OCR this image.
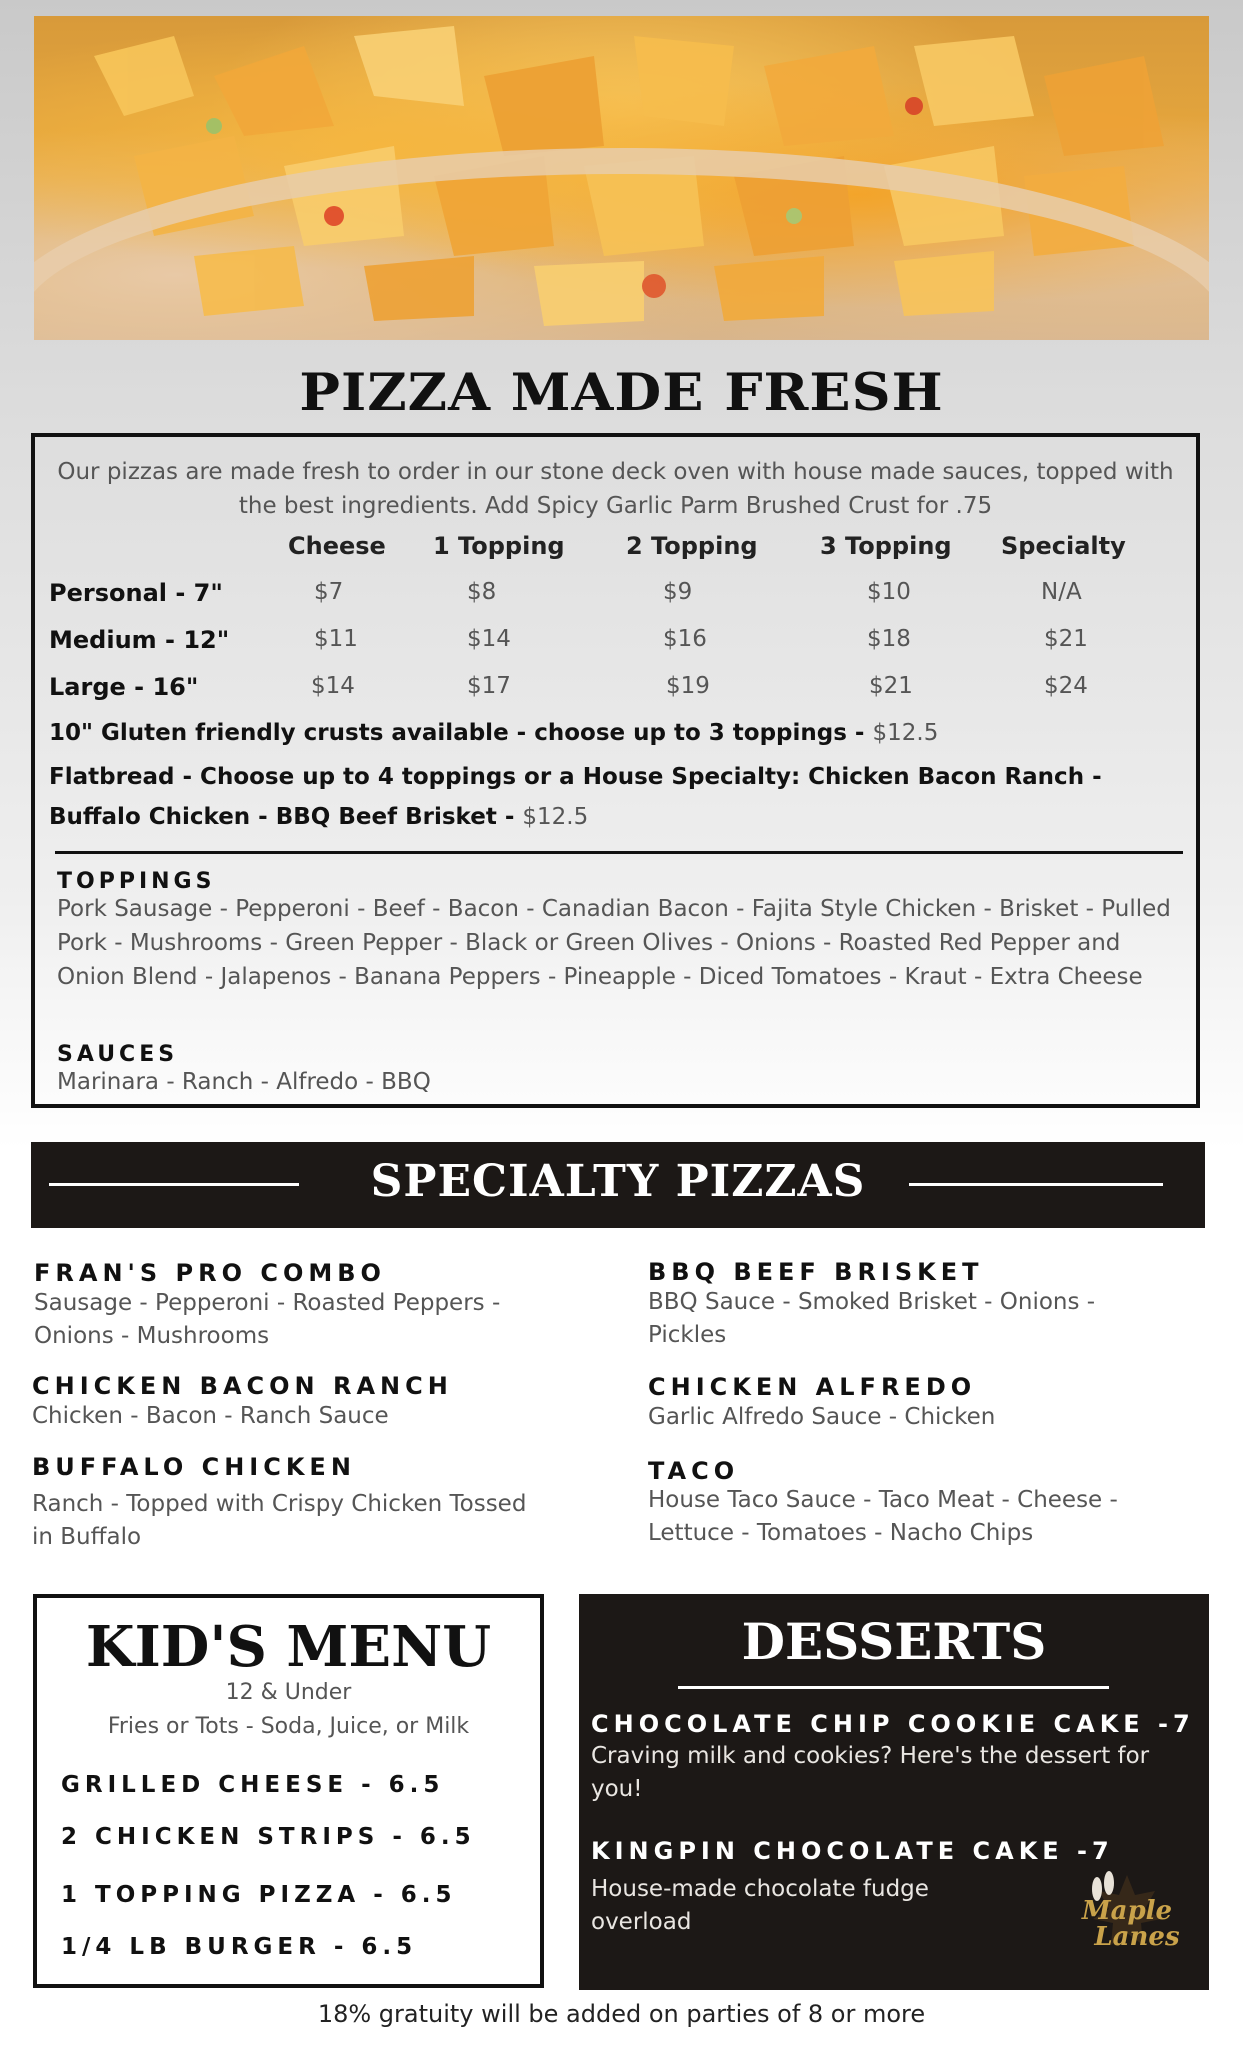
PIZZA MADE FRESH
Our pizzas are made fresh to order in our stone deck oven with house made sauces, topped with the best ingredients. Add Spicy Garlic Parm Brushed Crust for .75
Cheese 1 Topping	2 Topping	3 Topping Specialty
Personal - 7"	$7	$8	$9	$10	N/A
Medium - 12"	$11	$14	$16	$18	$21
Large - 16"	$14	$17	$19	$21	$24
10" Gluten friendly crusts available - choose up to 3 toppings - $12.5
Flatbread - Choose up to 4 toppings or a House Specialty: Chicken Bacon Ranch -
Buffalo Chicken - BBQ Beef Brisket - $12.5
TOPPINGS
Pork Sausage - Pepperoni - Beef - Bacon - Canadian Bacon - Fajita Style Chicken - Brisket - Pulled Pork - Mushrooms - Green Pepper - Black or Green Olives - Onions - Roasted Red Pepper and Onion Blend - Jalapenos - Banana Peppers - Pineapple - Diced Tomatoes - Kraut - Extra Cheese
SAUCES
Marinara - Ranch - Alfredo - BBQ
SPECIALTY PIZZAS
FRAN'S PRO COMBO
Sausage - Pepperoni - Roasted Peppers - Onions - Mushrooms
CHICKEN BACON RANCH
Chicken - Bacon - Ranch Sauce
BUFFALO CHICKEN
Ranch - Topped with Crispy Chicken Tossed in Buffalo
BBQ BEEF BRISKET
BBQ Sauce - Smoked Brisket - Onions - Pickles
CHICKEN ALFREDO
Garlic Alfredo Sauce - Chicken
TACO
House Taco Sauce - Taco Meat - Cheese - Lettuce - Tomatoes - Nacho Chips
KID'S MENU
12 & Under
Fries or Tots - Soda, Juice, or Milk
GRILLED CHEESE - 6.5
2 CHICKEN STRIPS - 6.5
1 TOPPING PIZZA - 6.5
1/4 LB BURGER - 6.5
DESSERTS
CHOCOLATE CHIP COOKIE CAKE -7
Craving milk and cookies? Here's the dessert for you!
KINGPIN CHOCOLATE CAKE -7
House-made chocolate fudge overload	Maple
Lanes
18% gratuity will be added on parties of 8 or more
